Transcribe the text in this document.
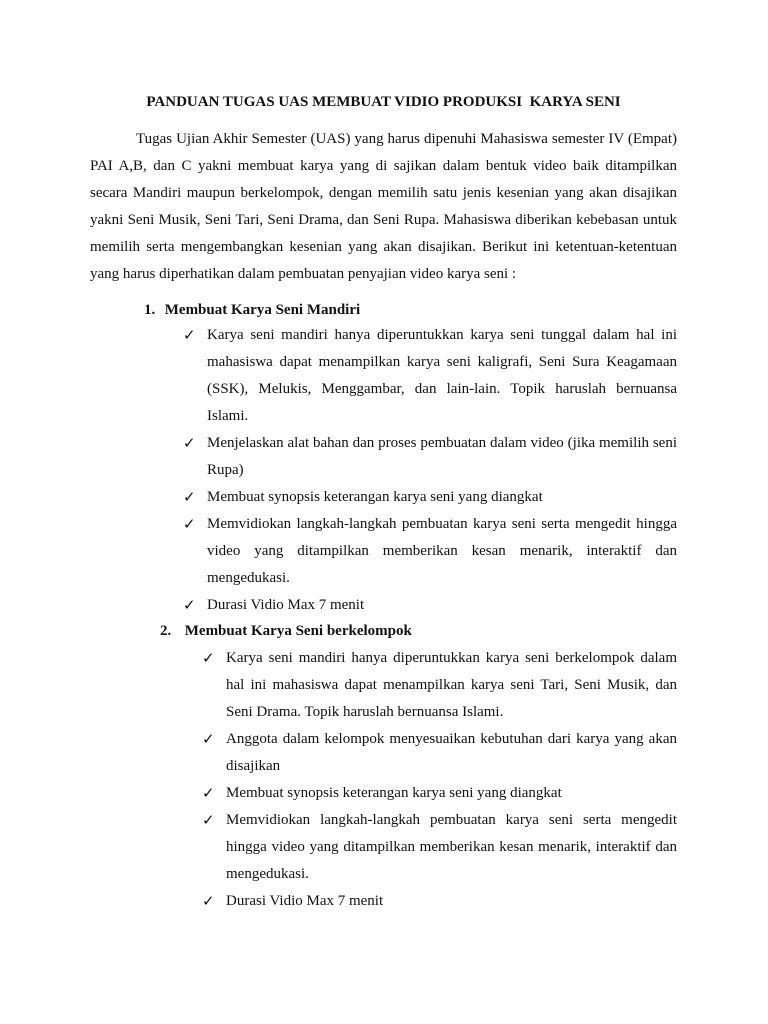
PANDUAN TUGAS UAS MEMBUAT VIDIO PRODUKSI  KARYA SENI

Tugas Ujian Akhir Semester (UAS) yang harus dipenuhi Mahasiswa semester IV (Empat) PAI A,B, dan C yakni membuat karya yang di sajikan dalam bentuk video baik ditampilkan secara Mandiri maupun berkelompok, dengan memilih satu jenis kesenian yang akan disajikan yakni Seni Musik, Seni Tari, Seni Drama, dan Seni Rupa. Mahasiswa diberikan kebebasan untuk memilih serta mengembangkan kesenian yang akan disajikan. Berikut ini ketentuan-ketentuan yang harus diperhatikan dalam pembuatan penyajian video karya seni :

1. Membuat Karya Seni Mandiri
✓ Karya seni mandiri hanya diperuntukkan karya seni tunggal dalam hal ini mahasiswa dapat menampilkan karya seni kaligrafi, Seni Sura Keagamaan (SSK), Melukis, Menggambar, dan lain-lain. Topik haruslah bernuansa Islami.
✓ Menjelaskan alat bahan dan proses pembuatan dalam video (jika memilih seni Rupa)
✓ Membuat synopsis keterangan karya seni yang diangkat
✓ Memvidiokan langkah-langkah pembuatan karya seni serta mengedit hingga video yang ditampilkan memberikan kesan menarik, interaktif dan mengedukasi.
✓ Durasi Vidio Max 7 menit
2. Membuat Karya Seni berkelompok
✓ Karya seni mandiri hanya diperuntukkan karya seni berkelompok dalam hal ini mahasiswa dapat menampilkan karya seni Tari, Seni Musik, dan Seni Drama. Topik haruslah bernuansa Islami.
✓ Anggota dalam kelompok menyesuaikan kebutuhan dari karya yang akan disajikan
✓ Membuat synopsis keterangan karya seni yang diangkat
✓ Memvidiokan langkah-langkah pembuatan karya seni serta mengedit hingga video yang ditampilkan memberikan kesan menarik, interaktif dan mengedukasi.
✓ Durasi Vidio Max 7 menit
